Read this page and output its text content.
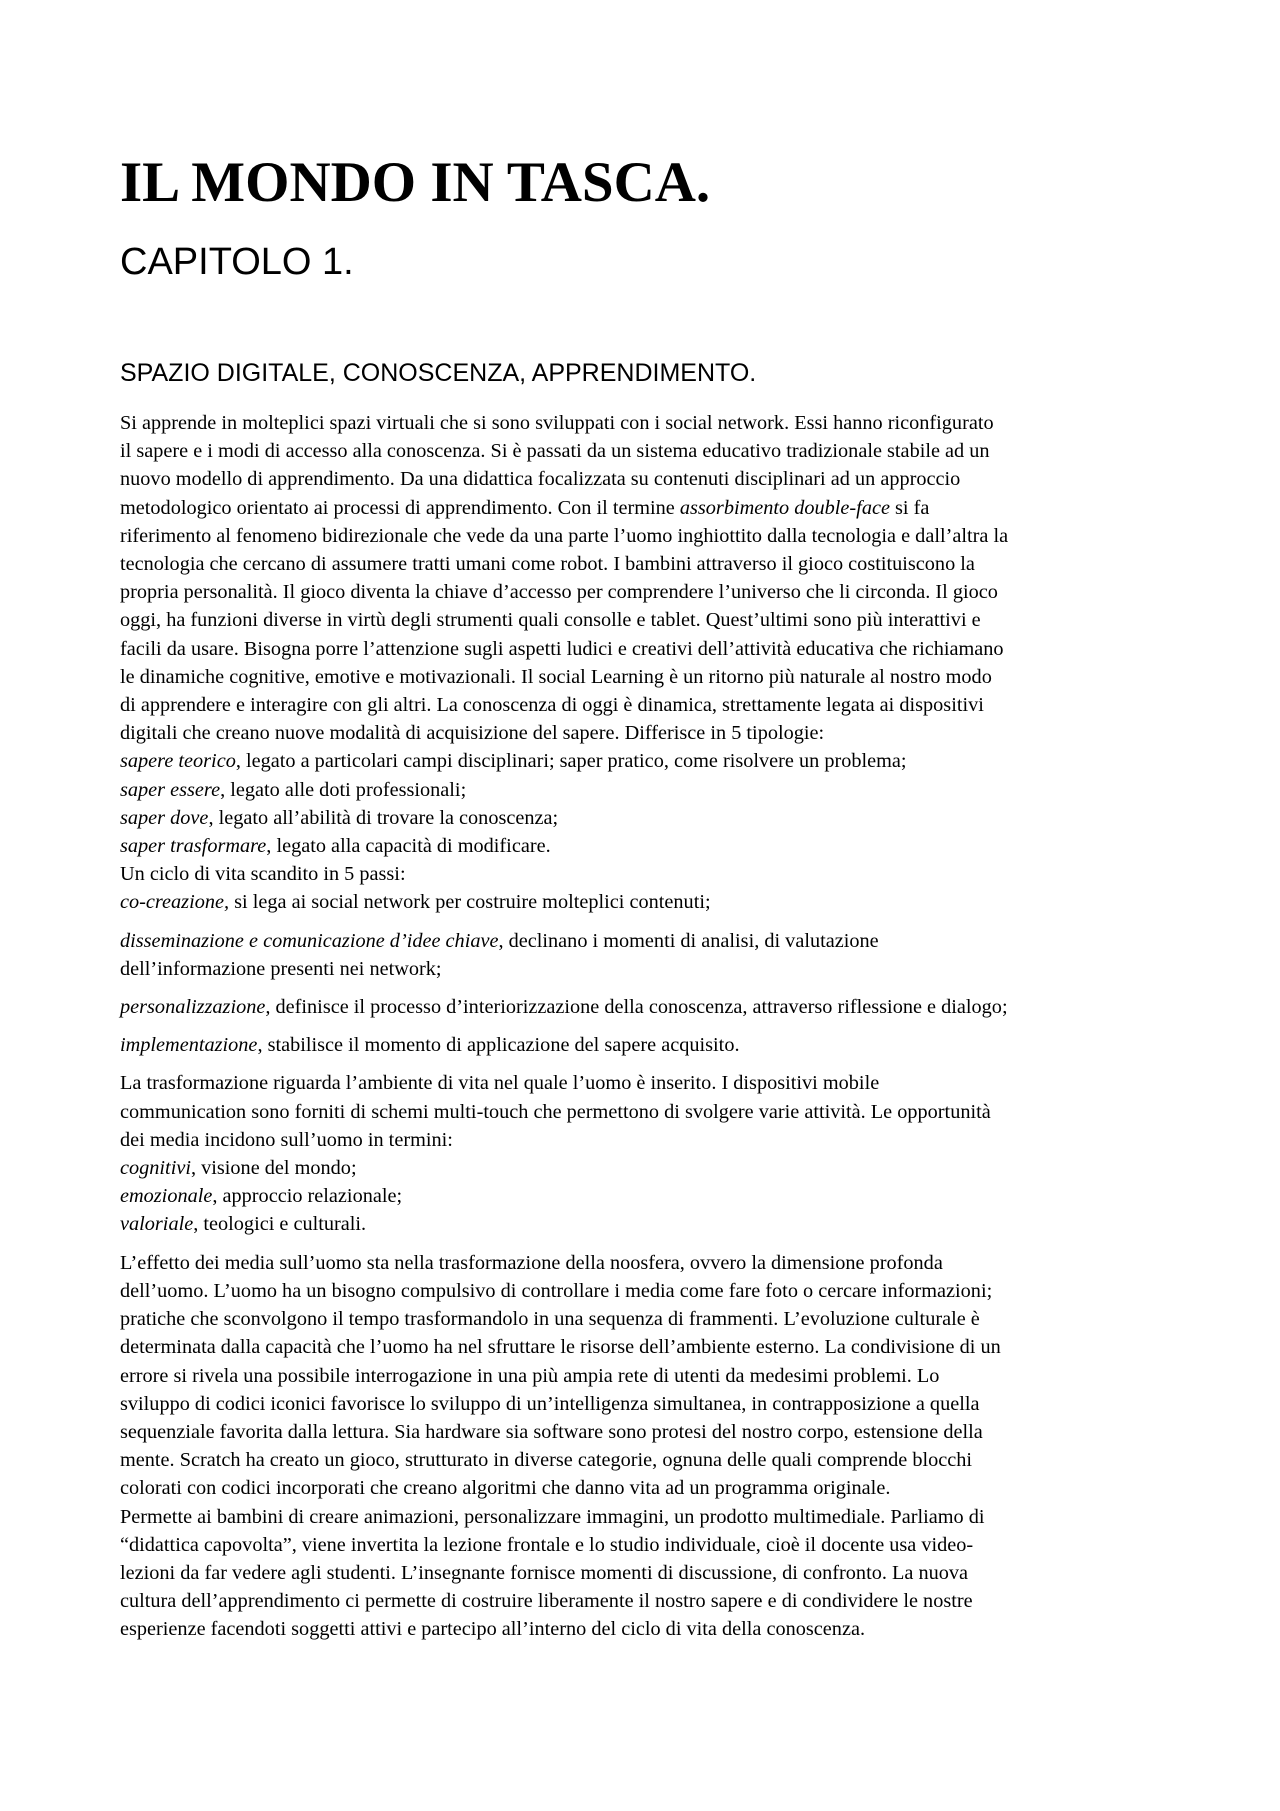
IL MONDO IN TASCA.
CAPITOLO 1.
SPAZIO DIGITALE, CONOSCENZA, APPRENDIMENTO.

Si apprende in molteplici spazi virtuali che si sono sviluppati con i social network. Essi hanno riconfigurato
il sapere e i modi di accesso alla conoscenza. Si è passati da un sistema educativo tradizionale stabile ad un
nuovo modello di apprendimento. Da una didattica focalizzata su contenuti disciplinari ad un approccio
metodologico orientato ai processi di apprendimento. Con il termine assorbimento double-face si fa
riferimento al fenomeno bidirezionale che vede da una parte l’uomo inghiottito dalla tecnologia e dall’altra la
tecnologia che cercano di assumere tratti umani come robot. I bambini attraverso il gioco costituiscono la
propria personalità. Il gioco diventa la chiave d’accesso per comprendere l’universo che li circonda. Il gioco
oggi, ha funzioni diverse in virtù degli strumenti quali consolle e tablet. Quest’ultimi sono più interattivi e
facili da usare. Bisogna porre l’attenzione sugli aspetti ludici e creativi dell’attività educativa che richiamano
le dinamiche cognitive, emotive e motivazionali. Il social Learning è un ritorno più naturale al nostro modo
di apprendere e interagire con gli altri. La conoscenza di oggi è dinamica, strettamente legata ai dispositivi
digitali che creano nuove modalità di acquisizione del sapere. Differisce in 5 tipologie:
sapere teorico, legato a particolari campi disciplinari; saper pratico, come risolvere un problema;
saper essere, legato alle doti professionali;
saper dove, legato all’abilità di trovare la conoscenza;
saper trasformare, legato alla capacità di modificare.
Un ciclo di vita scandito in 5 passi:
co-creazione, si lega ai social network per costruire molteplici contenuti;

disseminazione e comunicazione d’idee chiave, declinano i momenti di analisi, di valutazione
dell’informazione presenti nei network;

personalizzazione, definisce il processo d’interiorizzazione della conoscenza, attraverso riflessione e dialogo;

implementazione, stabilisce il momento di applicazione del sapere acquisito.

La trasformazione riguarda l’ambiente di vita nel quale l’uomo è inserito. I dispositivi mobile
communication sono forniti di schemi multi-touch che permettono di svolgere varie attività. Le opportunità
dei media incidono sull’uomo in termini:
cognitivi, visione del mondo;
emozionale, approccio relazionale;
valoriale, teologici e culturali.

L’effetto dei media sull’uomo sta nella trasformazione della noosfera, ovvero la dimensione profonda
dell’uomo. L’uomo ha un bisogno compulsivo di controllare i media come fare foto o cercare informazioni;
pratiche che sconvolgono il tempo trasformandolo in una sequenza di frammenti. L’evoluzione culturale è
determinata dalla capacità che l’uomo ha nel sfruttare le risorse dell’ambiente esterno. La condivisione di un
errore si rivela una possibile interrogazione in una più ampia rete di utenti da medesimi problemi. Lo
sviluppo di codici iconici favorisce lo sviluppo di un’intelligenza simultanea, in contrapposizione a quella
sequenziale favorita dalla lettura. Sia hardware sia software sono protesi del nostro corpo, estensione della
mente. Scratch ha creato un gioco, strutturato in diverse categorie, ognuna delle quali comprende blocchi
colorati con codici incorporati che creano algoritmi che danno vita ad un programma originale.
Permette ai bambini di creare animazioni, personalizzare immagini, un prodotto multimediale. Parliamo di
“didattica capovolta”, viene invertita la lezione frontale e lo studio individuale, cioè il docente usa video-
lezioni da far vedere agli studenti. L’insegnante fornisce momenti di discussione, di confronto. La nuova
cultura dell’apprendimento ci permette di costruire liberamente il nostro sapere e di condividere le nostre
esperienze facendoti soggetti attivi e partecipo all’interno del ciclo di vita della conoscenza.
